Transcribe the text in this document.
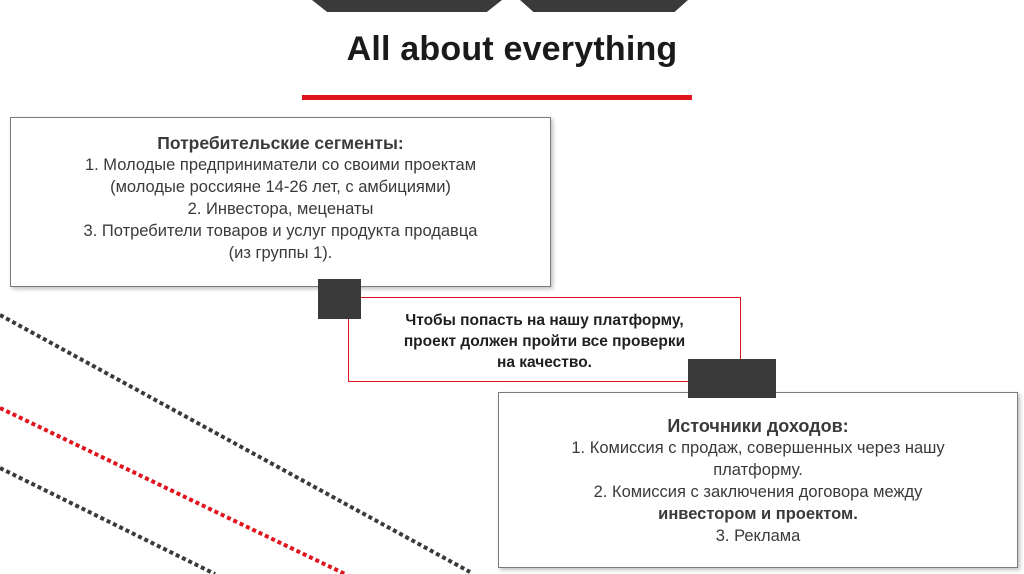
All about everything
Потребительские сегменты:
1. Молодые предприниматели со своими проектам
(молодые россияне 14-26 лет, с амбициями)
2. Инвестора, меценаты
3. Потребители товаров и услуг продукта продавца
(из группы 1).
Чтобы попасть на нашу платформу,
проект должен пройти все проверки
на качество.
Источники доходов:
1. Комиссия с продаж, совершенных через нашу
платформу.
2. Комиссия с заключения договора между
инвестором и проектом.
3. Реклама
